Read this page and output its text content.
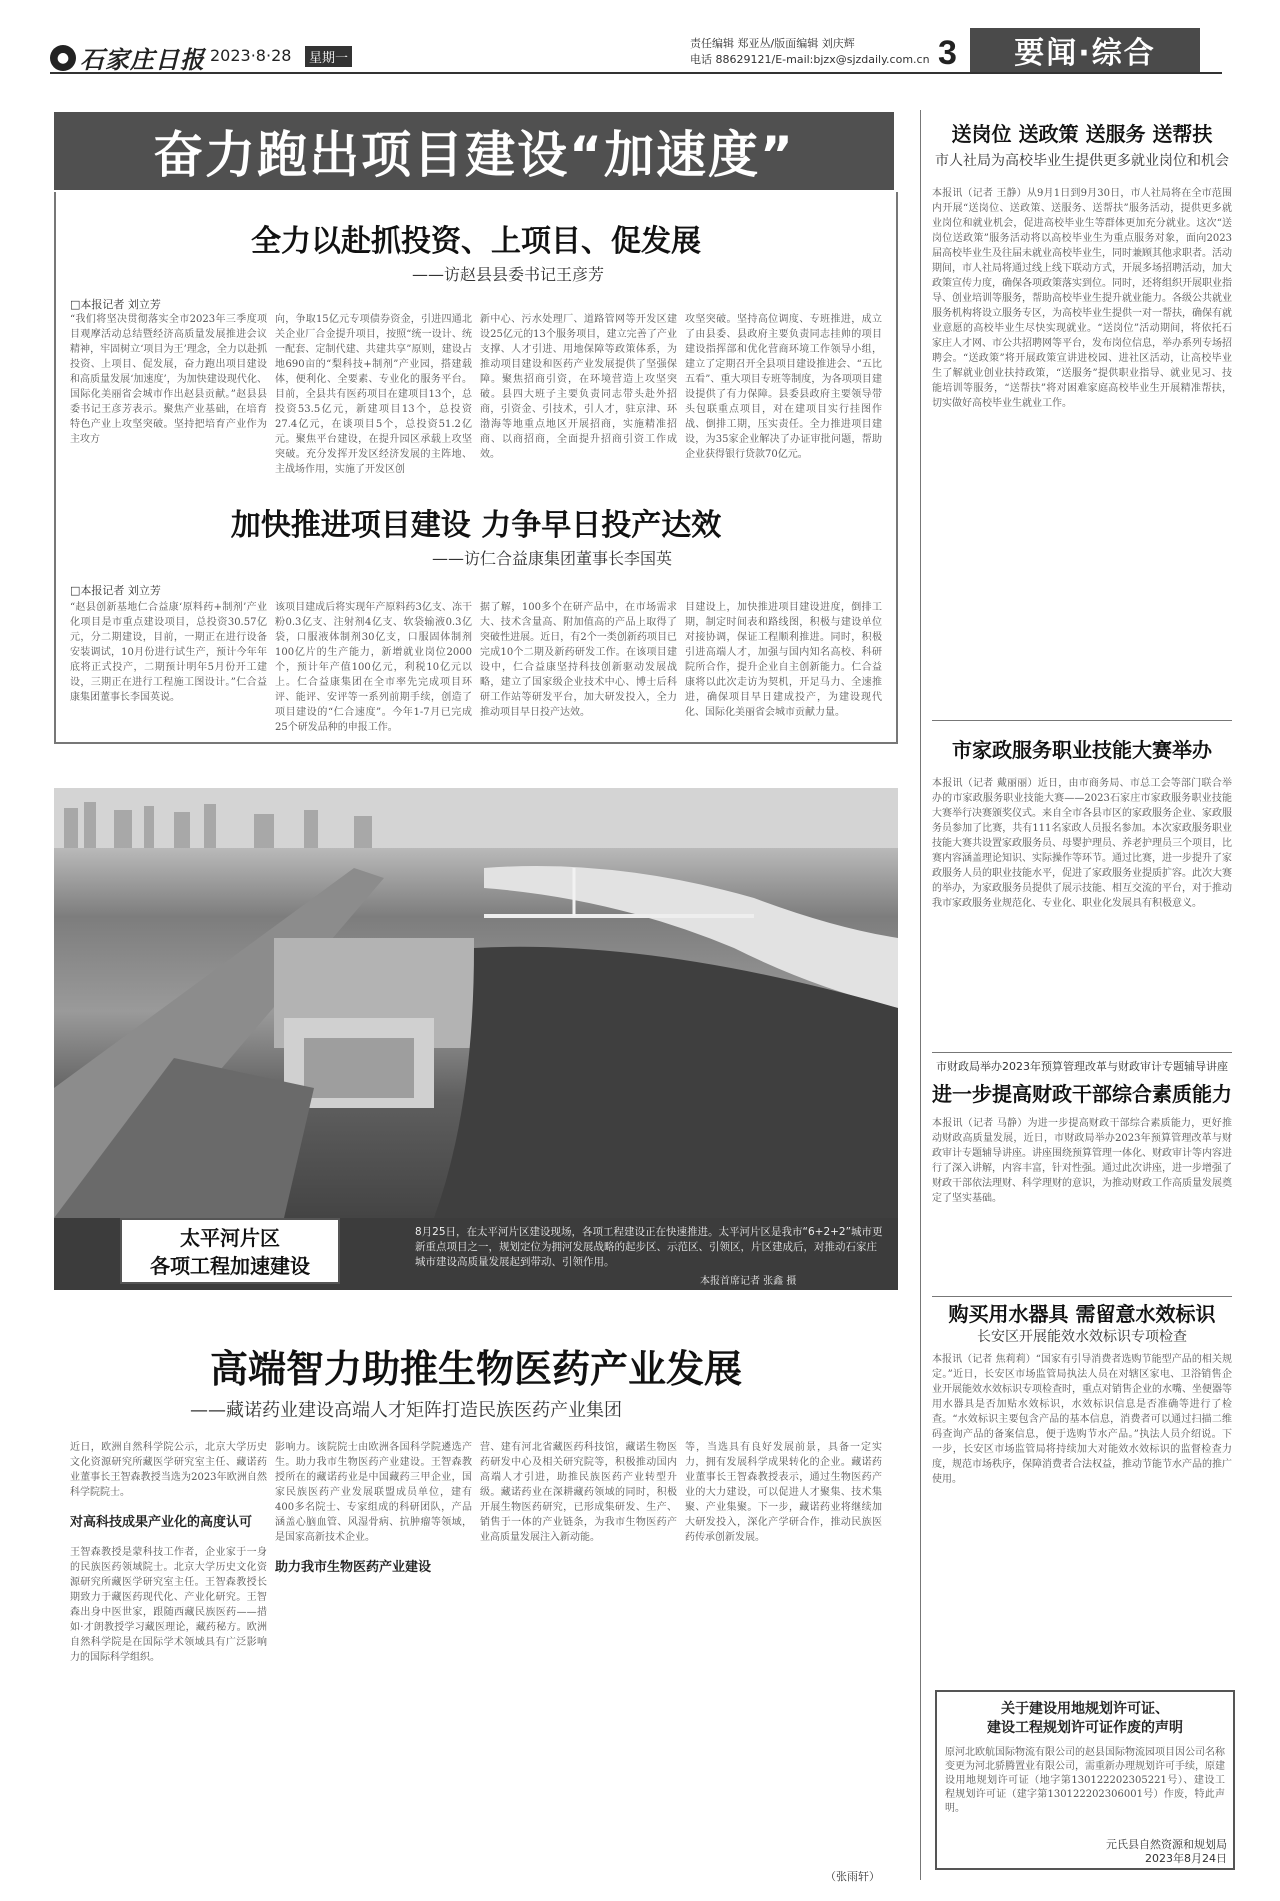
● 石家庄日报 2023·8·28	星期一
责任编辑 郑亚丛/版面编辑 刘庆辉
电话 88629121/E-mail:bjzx@sjzdaily.com.cn 3	要闻·综合
奋力跑出项目建设“加速度”
全力以赴抓投资、上项目、促发展
——访赵县县委书记王彦芳
□本报记者 刘立芳

“我们将坚决贯彻落实全市2023年三季度项目观摩活动总结暨经济高质量发展推进会议精神，牢固树立‘项目为王’理念，全力以赴抓投资、上项目、促发展，奋力跑出项目建设和高质量发展‘加速度’，为加快建设现代化、国际化美丽省会城市作出赵县贡献。”赵县县委书记王彦芳表示。聚焦产业基础，在培育特色产业上攻坚突破。坚持把培育产业作为主攻方

向，争取15亿元专项债券资金，引进四通北关企业厂合金提升项目，按照“统一设计、统一配套、定制代建、共建共享”原则，建设占地690亩的“梨科技+制剂”产业园，搭建载体，便利化、全要素、专业化的服务平台。目前，全县共有医药项目在建项目13个，总投资53.5亿元，新建项目13个，总投资27.4亿元，在谈项目5个，总投资51.2亿元。聚焦平台建设，在提升园区承载上攻坚突破。充分发挥开发区经济发展的主阵地、主战场作用，实施了开发区创

新中心、污水处理厂、道路管网等开发区建设25亿元的13个服务项目，建立完善了产业支撑、人才引进、用地保障等政策体系，为推动项目建设和医药产业发展提供了坚强保障。聚焦招商引资，在环境营造上攻坚突破。县四大班子主要负责同志带头赴外招商，引资金、引技术，引人才，驻京津、环渤海等地重点地区开展招商，实施精准招商、以商招商，全面提升招商引资工作成效。

攻坚突破。坚持高位调度、专班推进，成立了由县委、县政府主要负责同志挂帅的项目建设指挥部和优化营商环境工作领导小组，建立了定期召开全县项目建设推进会、“五比五看”、重大项目专班等制度，为各项项目建设提供了有力保障。县委县政府主要领导带头包联重点项目，对在建项目实行挂图作战、倒排工期，压实责任。全力推进项目建设，为35家企业解决了办证审批问题，帮助企业获得银行贷款70亿元。

加快推进项目建设 力争早日投产达效
——访仁合益康集团董事长李国英
□本报记者 刘立芳

“赵县创新基地仁合益康‘原料药+制剂’产业化项目是市重点建设项目，总投资30.57亿元，分二期建设，目前，一期正在进行设备安装调试，10月份进行试生产，预计今年年底将正式投产，二期预计明年5月份开工建设，三期正在进行工程施工图设计。”仁合益康集团董事长李国英说。

该项目建成后将实现年产原料药3亿支、冻干粉0.3亿支、注射剂4亿支、软袋输液0.3亿袋，口服液体制剂30亿支，口服固体制剂100亿片的生产能力，新增就业岗位2000个，预计年产值100亿元，利税10亿元以上。仁合益康集团在全市率先完成项目环评、能评、安评等一系列前期手续，创造了项目建设的“仁合速度”。今年1-7月已完成25个研发品种的申报工作。

据了解，100多个在研产品中，在市场需求大、技术含量高、附加值高的产品上取得了突破性进展。近日，有2个一类创新药项目已完成10个二期及新药研发工作。在该项目建设中，仁合益康坚持科技创新驱动发展战略，建立了国家级企业技术中心、博士后科研工作站等研发平台，加大研发投入，全力推动项目早日投产达效。

目建设上，加快推进项目建设进度，倒排工期，制定时间表和路线图，积极与建设单位对接协调，保证工程顺利推进。同时，积极引进高端人才，加强与国内知名高校、科研院所合作，提升企业自主创新能力。仁合益康将以此次走访为契机，开足马力、全速推进，确保项目早日建成投产，为建设现代化、国际化美丽省会城市贡献力量。

太平河片区
各项工程加速建设
8月25日，在太平河片区建设现场，各项工程建设正在快速推进。太平河片区是我市“6+2+2”城市更新重点项目之一，规划定位为拥河发展战略的起步区、示范区、引领区，片区建成后，对推动石家庄城市建设高质量发展起到带动、引领作用。
本报首席记者 张鑫 摄
高端智力助推生物医药产业发展
——藏诺药业建设高端人才矩阵打造民族医药产业集团

近日，欧洲自然科学院公示，北京大学历史文化资源研究所藏医学研究室主任、藏诺药业董事长王智森教授当选为2023年欧洲自然科学院院士。

对高科技成果产业化的高度认可

王智森教授是蒙科技工作者，企业家于一身的民族医药领域院士。北京大学历史文化资源研究所藏医学研究室主任。王智森教授长期致力于藏医药现代化、产业化研究。王智森出身中医世家，跟随西藏民族医药——措如·才朗教授学习藏医理论，藏药秘方。欧洲自然科学院是在国际学术领域具有广泛影响力的国际科学组织。

影响力。该院院士由欧洲各国科学院遴选产生。助力我市生物医药产业建设。王智森教授所在的藏诺药业是中国藏药三甲企业，国家民族医药产业发展联盟成员单位，建有400多名院士、专家组成的科研团队，产品涵盖心脑血管、风湿骨病、抗肿瘤等领域，是国家高新技术企业。

助力我市生物医药产业建设

营、建有河北省藏医药科技馆，藏诺生物医药研发中心及相关研究院等，积极推动国内高端人才引进，助推民族医药产业转型升级。藏诺药业在深耕藏药领域的同时，积极开展生物医药研究，已形成集研发、生产、销售于一体的产业链条，为我市生物医药产业高质量发展注入新动能。

等，当选具有良好发展前景，具备一定实力，拥有发展科学成果转化的企业。藏诺药业董事长王智森教授表示，通过生物医药产业的大力建设，可以促进人才聚集、技术集聚、产业集聚。下一步，藏诺药业将继续加大研发投入，深化产学研合作，推动民族医药传承创新发展。

（张雨轩）
送岗位 送政策 送服务 送帮扶
市人社局为高校毕业生提供更多就业岗位和机会
本报讯（记者 王静）从9月1日到9月30日，市人社局将在全市范围内开展“送岗位、送政策、送服务、送帮扶”服务活动，提供更多就业岗位和就业机会，促进高校毕业生等群体更加充分就业。这次“送岗位送政策”服务活动将以高校毕业生为重点服务对象，面向2023届高校毕业生及往届未就业高校毕业生，同时兼顾其他求职者。活动期间，市人社局将通过线上线下联动方式，开展多场招聘活动，加大政策宣传力度，确保各项政策落实到位。同时，还将组织开展职业指导、创业培训等服务，帮助高校毕业生提升就业能力。各级公共就业服务机构将设立服务专区，为高校毕业生提供一对一帮扶，确保有就业意愿的高校毕业生尽快实现就业。“送岗位”活动期间，将依托石家庄人才网、市公共招聘网等平台，发布岗位信息，举办系列专场招聘会。“送政策”将开展政策宣讲进校园、进社区活动，让高校毕业生了解就业创业扶持政策，“送服务”提供职业指导、就业见习、技能培训等服务，“送帮扶”将对困难家庭高校毕业生开展精准帮扶，切实做好高校毕业生就业工作。
市家政服务职业技能大赛举办
本报讯（记者 戴丽丽）近日，由市商务局、市总工会等部门联合举办的市家政服务职业技能大赛——2023石家庄市家政服务职业技能大赛举行决赛颁奖仪式。来自全市各县市区的家政服务企业、家政服务员参加了比赛，共有111名家政人员报名参加。本次家政服务职业技能大赛共设置家政服务员、母婴护理员、养老护理员三个项目，比赛内容涵盖理论知识、实际操作等环节。通过比赛，进一步提升了家政服务人员的职业技能水平，促进了家政服务业提质扩容。此次大赛的举办，为家政服务员提供了展示技能、相互交流的平台，对于推动我市家政服务业规范化、专业化、职业化发展具有积极意义。
市财政局举办2023年预算管理改革与财政审计专题辅导讲座
进一步提高财政干部综合素质能力
本报讯（记者 马静）为进一步提高财政干部综合素质能力，更好推动财政高质量发展，近日，市财政局举办2023年预算管理改革与财政审计专题辅导讲座。讲座围绕预算管理一体化、财政审计等内容进行了深入讲解，内容丰富，针对性强。通过此次讲座，进一步增强了财政干部依法理财、科学理财的意识，为推动财政工作高质量发展奠定了坚实基础。
购买用水器具 需留意水效标识
长安区开展能效水效标识专项检查
本报讯（记者 焦莉莉）“国家有引导消费者选购节能型产品的相关规定。”近日，长安区市场监管局执法人员在对辖区家电、卫浴销售企业开展能效水效标识专项检查时，重点对销售企业的水嘴、坐便器等用水器具是否加贴水效标识，水效标识信息是否准确等进行了检查。“水效标识主要包含产品的基本信息，消费者可以通过扫描二维码查询产品的备案信息，便于选购节水产品。”执法人员介绍说。下一步，长安区市场监管局将持续加大对能效水效标识的监督检查力度，规范市场秩序，保障消费者合法权益，推动节能节水产品的推广使用。
关于建设用地规划许可证、
建设工程规划许可证作废的声明
原河北欧航国际物流有限公司的赵县国际物流园项目因公司名称变更为河北骄腾置业有限公司，需重新办理规划许可手续，原建设用地规划许可证（地字第130122202305221号）、建设工程规划许可证（建字第130122202306001号）作废，特此声明。
元氏县自然资源和规划局
2023年8月24日
